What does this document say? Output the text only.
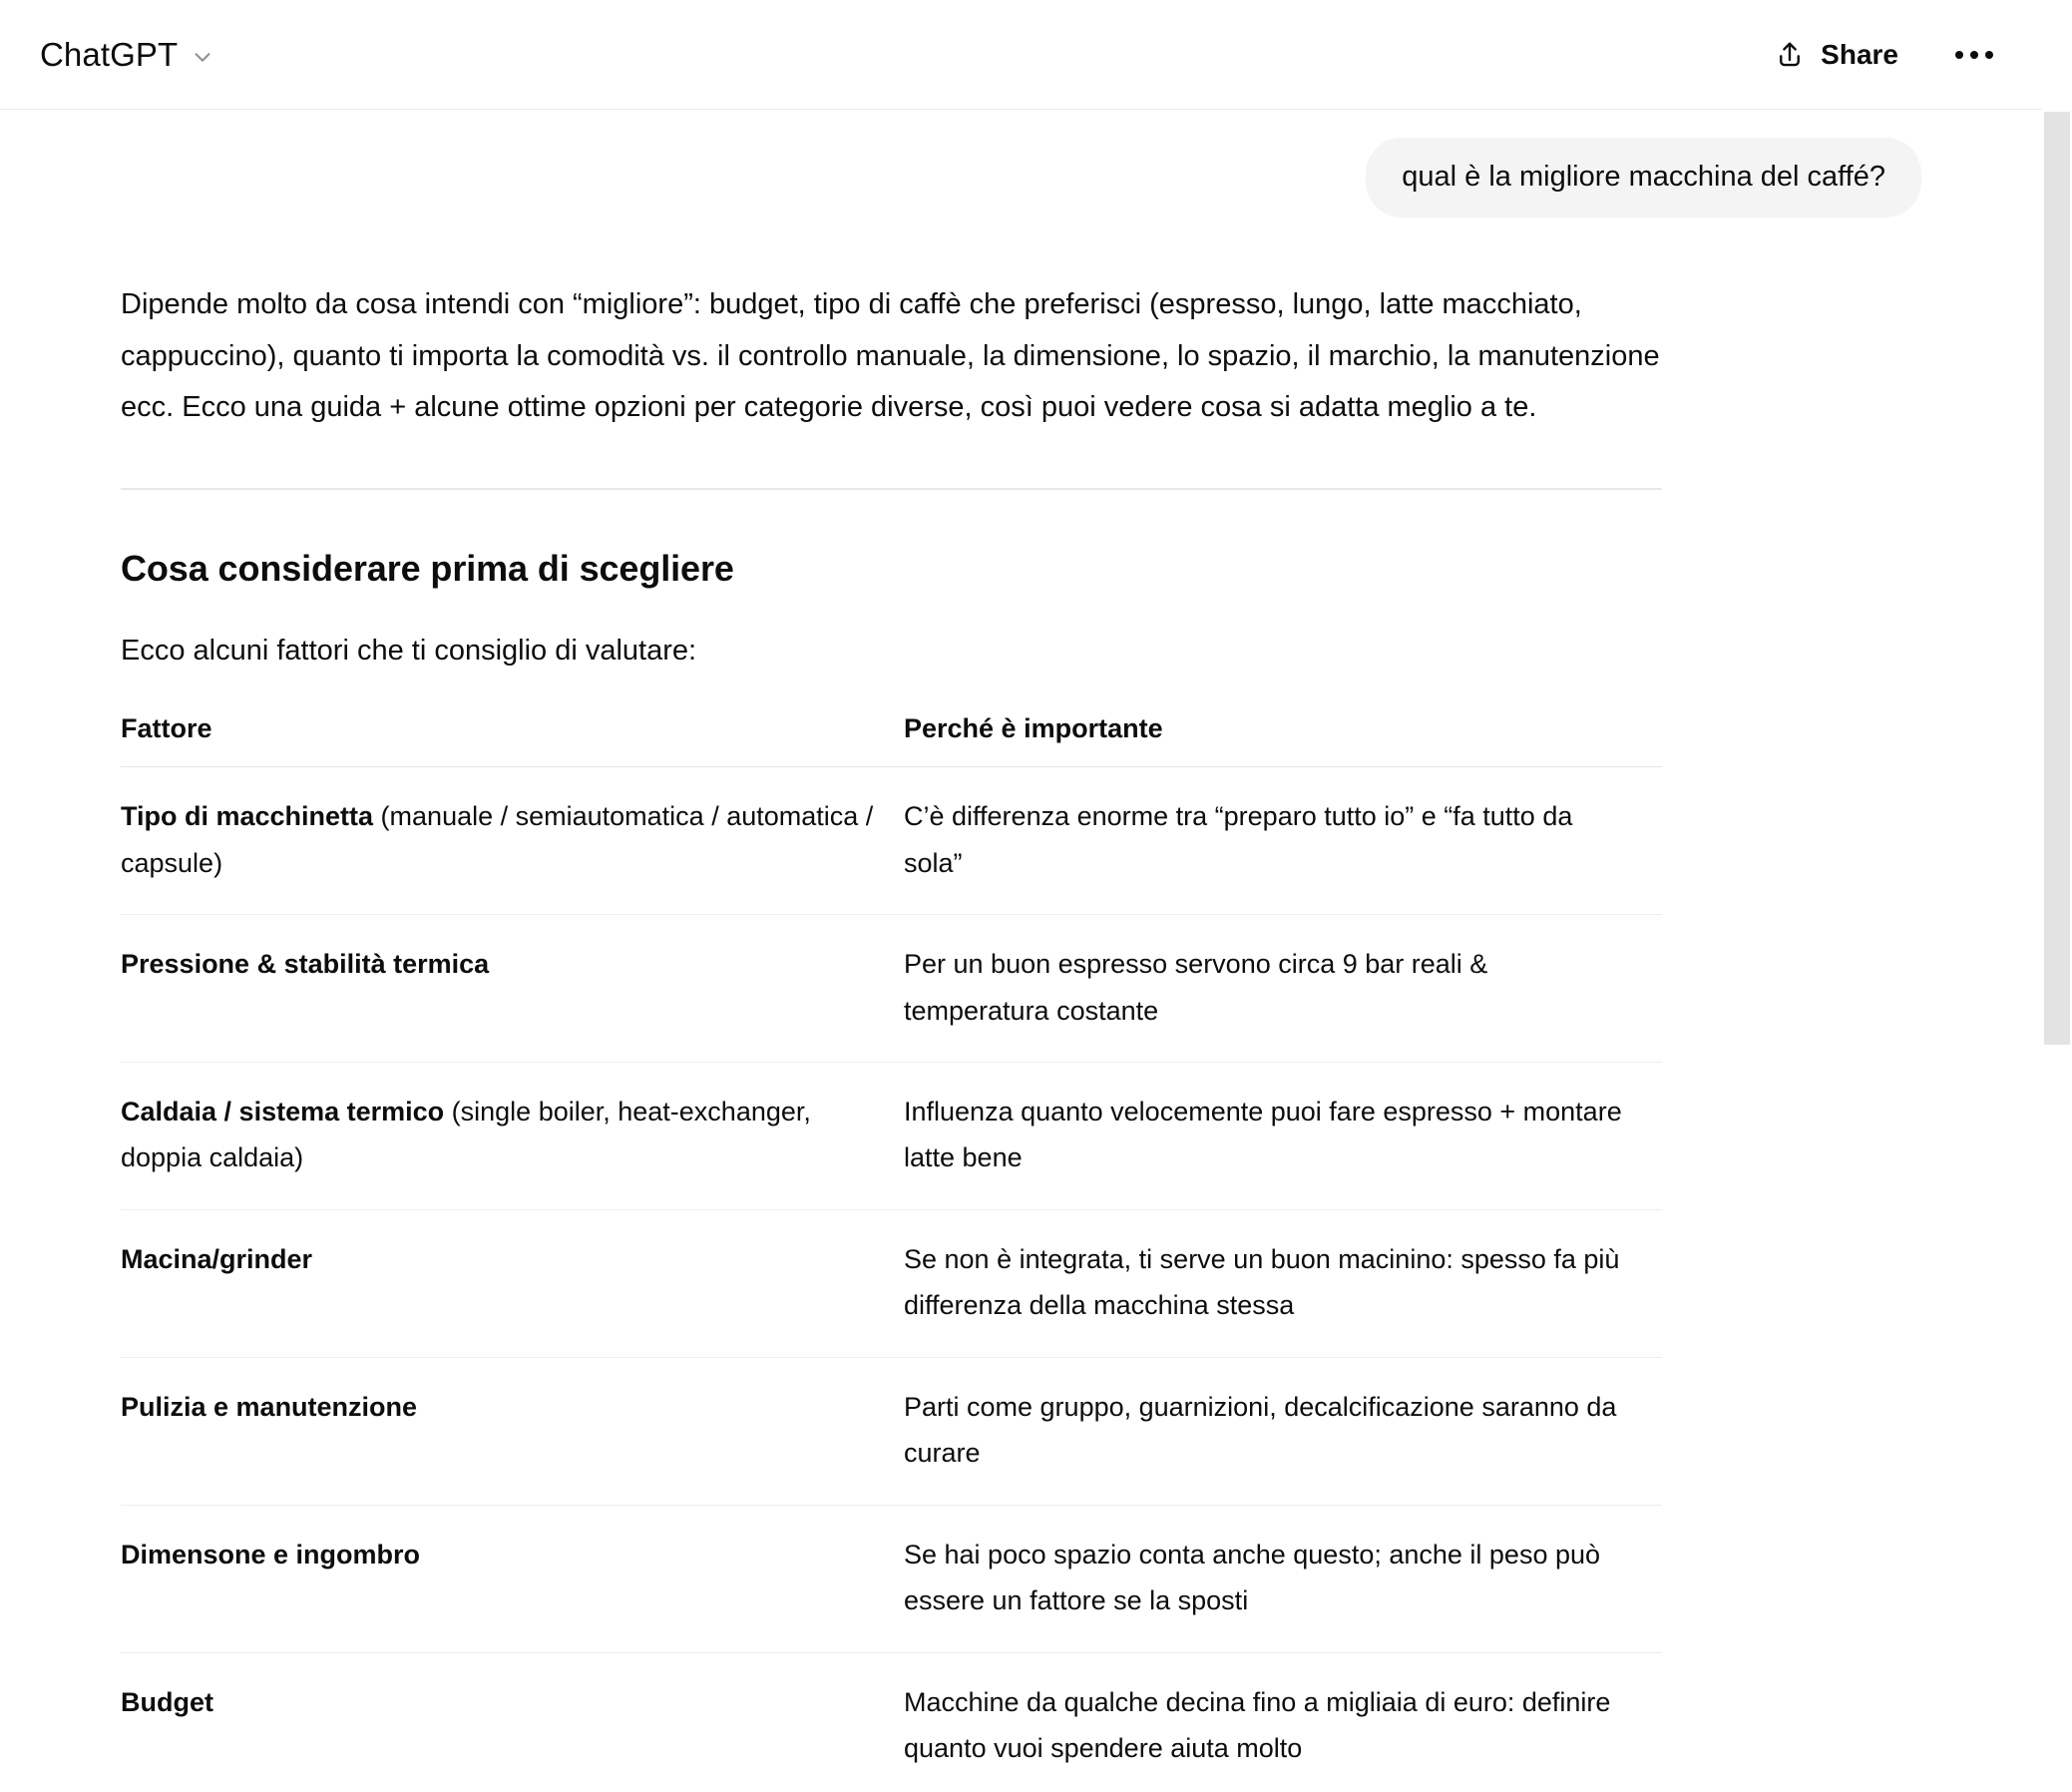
ChatGPT	Share
qual è la migliore macchina del caffé?

Dipende molto da cosa intendi con “migliore”: budget, tipo di caffè che preferisci (espresso, lungo, latte macchiato, cappuccino), quanto ti importa la comodità vs. il controllo manuale, la dimensione, lo spazio, il marchio, la manutenzione ecc. Ecco una guida + alcune ottime opzioni per categorie diverse, così puoi vedere cosa si adatta meglio a te.

Cosa considerare prima di scegliere

Ecco alcuni fattori che ti consiglio di valutare:

Fattore	Perché è importante
Tipo di macchinetta (manuale / semiautomatica / automatica / capsule)	C’è differenza enorme tra “preparo tutto io” e “fa tutto da sola”
Pressione & stabilità termica	Per un buon espresso servono circa 9 bar reali & temperatura costante
Caldaia / sistema termico (single boiler, heat-exchanger, doppia caldaia)	Influenza quanto velocemente puoi fare espresso + montare latte bene
Macina/grinder	Se non è integrata, ti serve un buon macinino: spesso fa più differenza della macchina stessa
Pulizia e manutenzione	Parti come gruppo, guarnizioni, decalcificazione saranno da curare
Dimensone e ingombro	Se hai poco spazio conta anche questo; anche il peso può essere un fattore se la sposti
Budget	Macchine da qualche decina fino a migliaia di euro: definire quanto vuoi spendere aiuta molto
